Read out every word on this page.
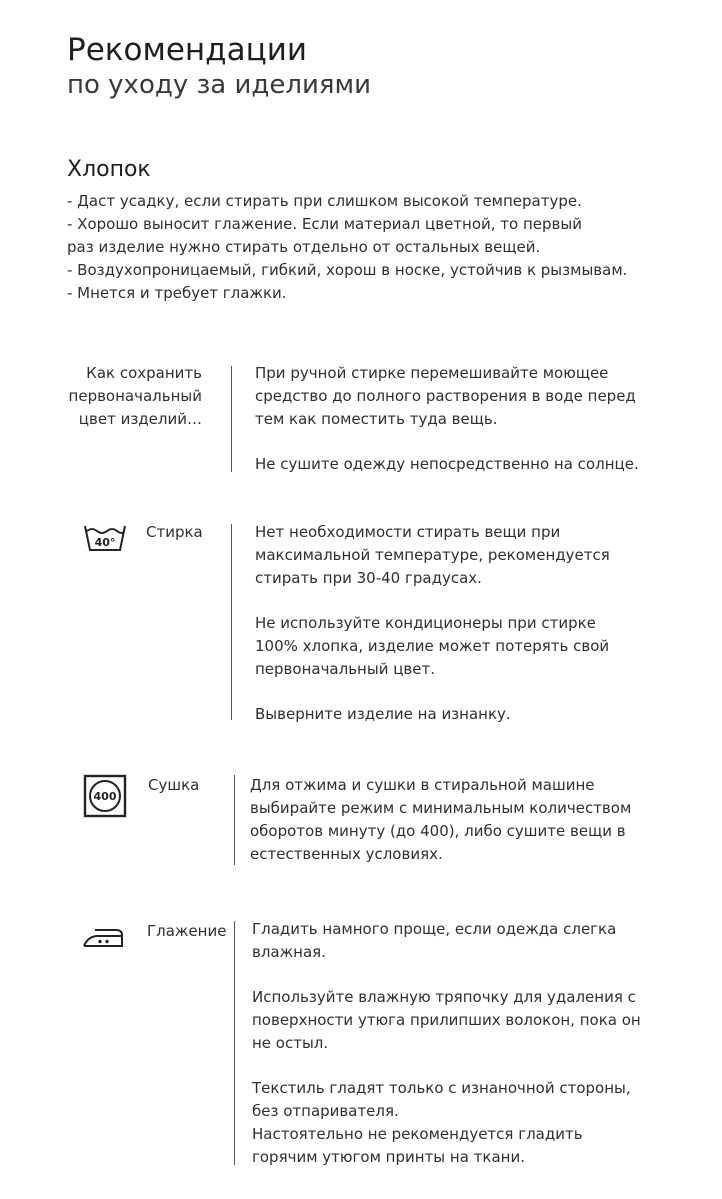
Рекомендации
по уходу за иделиями
Хлопок
- Даст усадку, если стирать при слишком высокой температуре.
- Хорошо выносит глажение. Если материал цветной, то первый
раз изделие нужно стирать отдельно от остальных вещей.
- Воздухопроницаемый, гибкий, хорош в носке, устойчив к рызмывам.
- Мнется и требует глажки.
Как сохранить
первоначальный
цвет изделий…

При ручной стирке перемешивайте моющее средство до полного растворения в воде перед тем как поместить туда вещь.

Не сушите одежду непосредственно на солнце.

40°
Стирка	Нет необходимости стирать вещи при максимальной температуре, рекомендуется стирать при 30-40 градусах.

Не используйте кондиционеры при стирке 100% хлопка, изделие может потерять свой первоначальный цвет.

Выверните изделие на изнанку.

400
Сушка	Для отжима и сушки в стиральной машине выбирайте режим с минимальным количеством оборотов минуту (до 400), либо сушите вещи в естественных условиях.

Глажение Гладить намного проще, если одежда слегка влажная.

Используйте влажную тряпочку для удаления с поверхности утюга прилипших волокон, пока он не остыл.

Текстиль гладят только с изнаночной стороны, без отпаривателя.

Настоятельно не рекомендуется гладить горячим утюгом принты на ткани.
